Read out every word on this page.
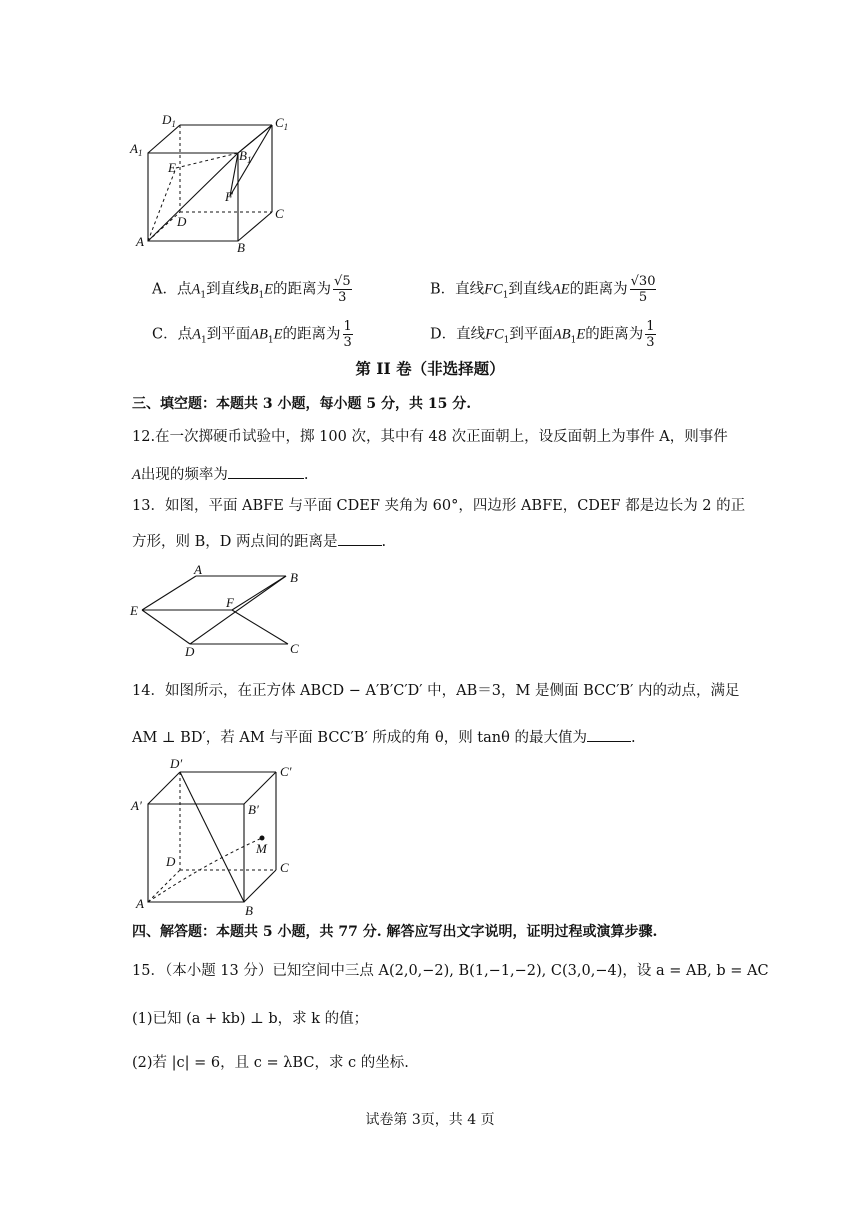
$D_1$	$C_1$
$A_1$	$B_1$
E
F
D
C
A	B
A．点$A_1$到直线$B_1E$的距离为 $\frac{√5}{3}$	B．直线$FC_1$到直线AE的距离为 $\frac{√30}{5}$
C．点$A_1$到平面$AB_1E$的距离为 $\frac{1}{3}$	D．直线$FC_1$到平面$AB_1E$的距离为 $\frac{1}{3}$
第 II 卷（非选择题）
三、填空题：本题共 3 小题，每小题 5 分，共 15 分.
12.在一次掷硬币试验中，掷 100 次，其中有 48 次正面朝上，设反面朝上为事件 A，则事件
A出现的频率为	.
13．如图，平面 ABFE 与平面 CDEF 夹角为 60°，四边形 ABFE，CDEF 都是边长为 2 的正
方形，则 B，D 两点间的距离是	.
A
B
E
F
D	C
14．如图所示，在正方体 ABCD − A′B′C′D′ 中，AB＝3，M 是侧面 BCC′B′ 内的动点，满足
AM ⊥ BD′，若 AM 与平面 BCC′B′ 所成的角 θ，则 tanθ 的最大值为	.
D′
C′
A′	B′
M
D	C
A	B
四、解答题：本题共 5 小题，共 77 分. 解答应写出文字说明，证明过程或演算步骤.
15．（本小题 13 分）已知空间中三点 A(2,0,−2), B(1,−1,−2), C(3,0,−4)，设 a = AB, b = AC
(1)已知 (a + kb) ⊥ b，求 k 的值；
(2)若 |c| = 6，且 c = λBC，求 c 的坐标.
试卷第 3页，共 4 页
